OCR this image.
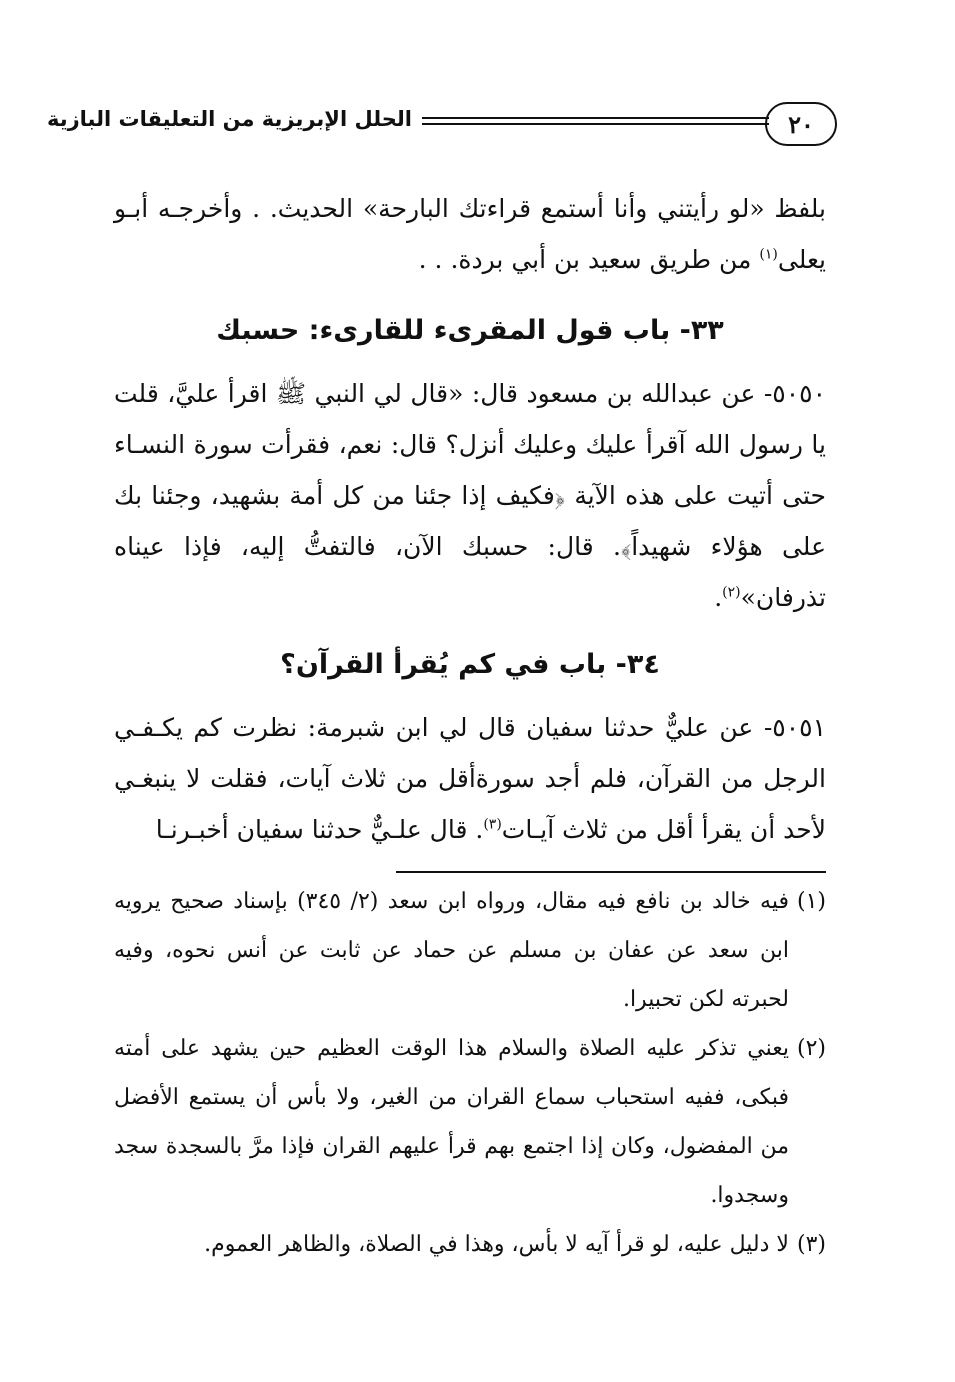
٢٠
الحلل الإبريزية من التعليقات البازية

بلفظ «لو رأيتني وأنا أستمع قراءتك البارحة» الحديث. . وأخرجـه أبـو يعلى$^{(١)}$ من طريق سعيد بن أبي بردة. . .

٣٣- باب قول المقرىء للقارىء: حسبك

٥٠٥٠- عن عبدالله بن مسعود قال: «قال لي النبي ﷺ اقرأ عليَّ، قلت يا رسول الله آقرأ عليك وعليك أنزل؟ قال: نعم، فقرأت سورة النسـاء حتى أتيت على هذه الآية ﴿فكيف إذا جئنا من كل أمة بشهيد، وجئنا بك على هؤلاء شهيداً﴾. قال: حسبك الآن، فالتفتُّ إليه، فإذا عيناه تذرفان»$^{(٢)}$.

٣٤- باب في كم يُقرأ القرآن؟

٥٠٥١- عن عليٌّ حدثنا سفيان قال لي ابن شبرمة: نظرت كم يكـفـي الرجل من القرآن، فلم أجد سورةأقل من ثلاث آيات، فقلت لا ينبغـي لأحد أن يقرأ أقل من ثلاث آيـات$^{(٣)}$. قال علـيٌّ حدثنا سفيان أخبـرنـا

(١)
فيه خالد بن نافع فيه مقال، ورواه ابن سعد (٢/ ٣٤٥) بإسناد صحيح يرويه ابن سعد عن عفان بن مسلم عن حماد عن ثابت عن أنس نحوه، وفيه لحبرته لكن تحبيرا.
(٢)
يعني تذكر عليه الصلاة والسلام هذا الوقت العظيم حين يشهد على أمته فبكى، ففيه استحباب سماع القران من الغير، ولا بأس أن يستمع الأفضل من المفضول، وكان إذا اجتمع بهم قرأ عليهم القران فإذا مرَّ بالسجدة سجد وسجدوا.
(٣)
لا دليل عليه، لو قرأ آيه لا بأس، وهذا في الصلاة، والظاهر العموم.
